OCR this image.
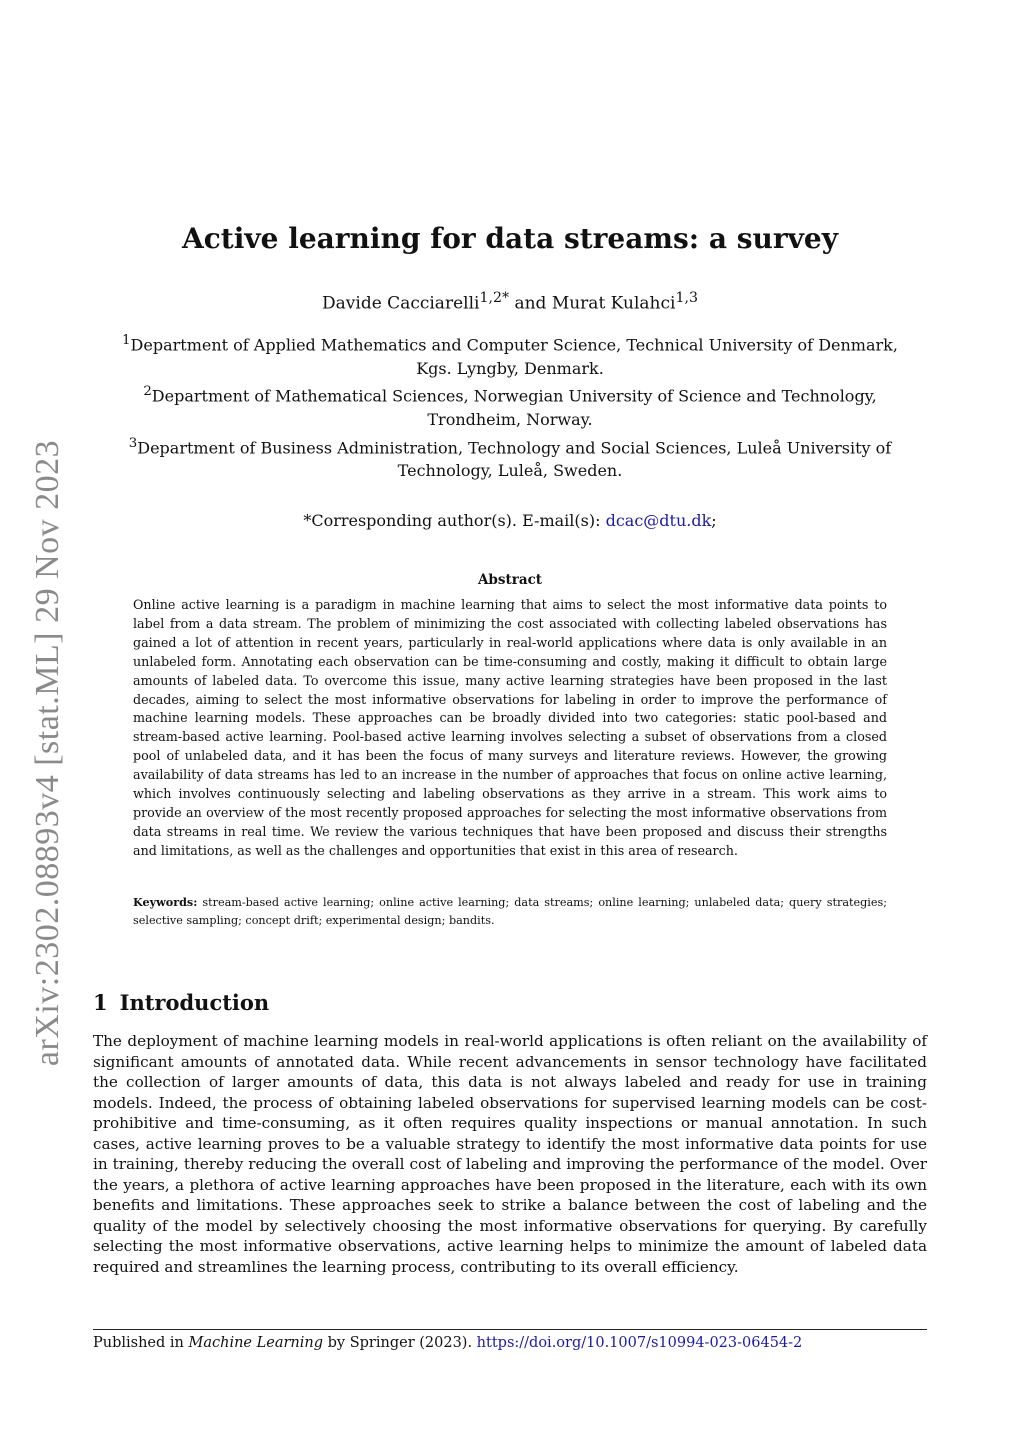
arXiv:2302.08893v4 [stat.ML] 29 Nov 2023
Active learning for data streams: a survey
Davide Cacciarelli$^{1,2*}$ and Murat Kulahci$^{1,3}$

$^1$Department of Applied Mathematics and Computer Science, Technical University of Denmark,
Kgs. Lyngby, Denmark.

$^2$Department of Mathematical Sciences, Norwegian University of Science and Technology,
Trondheim, Norway.

$^3$Department of Business Administration, Technology and Social Sciences, Luleå University of
Technology, Luleå, Sweden.

*Corresponding author(s). E-mail(s): dcac@dtu.dk;
Abstract

Online active learning is a paradigm in machine learning that aims to select the most informative data points to label from a data stream. The problem of minimizing the cost associated with collecting labeled observations has gained a lot of attention in recent years, particularly in real-world applications where data is only available in an unlabeled form. Annotating each observation can be time-consuming and costly, making it difficult to obtain large amounts of labeled data. To overcome this issue, many active learning strategies have been proposed in the last decades, aiming to select the most informative observations for labeling in order to improve the performance of machine learning models. These approaches can be broadly divided into two categories: static pool-based and stream-based active learning. Pool-based active learning involves selecting a subset of observations from a closed pool of unlabeled data, and it has been the focus of many surveys and literature reviews. However, the growing availability of data streams has led to an increase in the number of approaches that focus on online active learning, which involves continuously selecting and labeling observations as they arrive in a stream. This work aims to provide an overview of the most recently proposed approaches for selecting the most informative observations from data streams in real time. We review the various techniques that have been proposed and discuss their strengths and limitations, as well as the challenges and opportunities that exist in this area of research.

Keywords: stream-based active learning; online active learning; data streams; online learning; unlabeled data; query strategies; selective sampling; concept drift; experimental design; bandits.

1 Introduction

The deployment of machine learning models in real-world applications is often reliant on the availability of significant amounts of annotated data. While recent advancements in sensor technology have facilitated the collection of larger amounts of data, this data is not always labeled and ready for use in training models. Indeed, the process of obtaining labeled observations for supervised learning models can be cost-prohibitive and time-consuming, as it often requires quality inspections or manual annotation. In such cases, active learning proves to be a valuable strategy to identify the most informative data points for use in training, thereby reducing the overall cost of labeling and improving the performance of the model. Over the years, a plethora of active learning approaches have been proposed in the literature, each with its own benefits and limitations. These approaches seek to strike a balance between the cost of labeling and the quality of the model by selectively choosing the most informative observations for querying. By carefully selecting the most informative observations, active learning helps to minimize the amount of labeled data required and streamlines the learning process, contributing to its overall efficiency.

Published in Machine Learning by Springer (2023). https://doi.org/10.1007/s10994-023-06454-2
